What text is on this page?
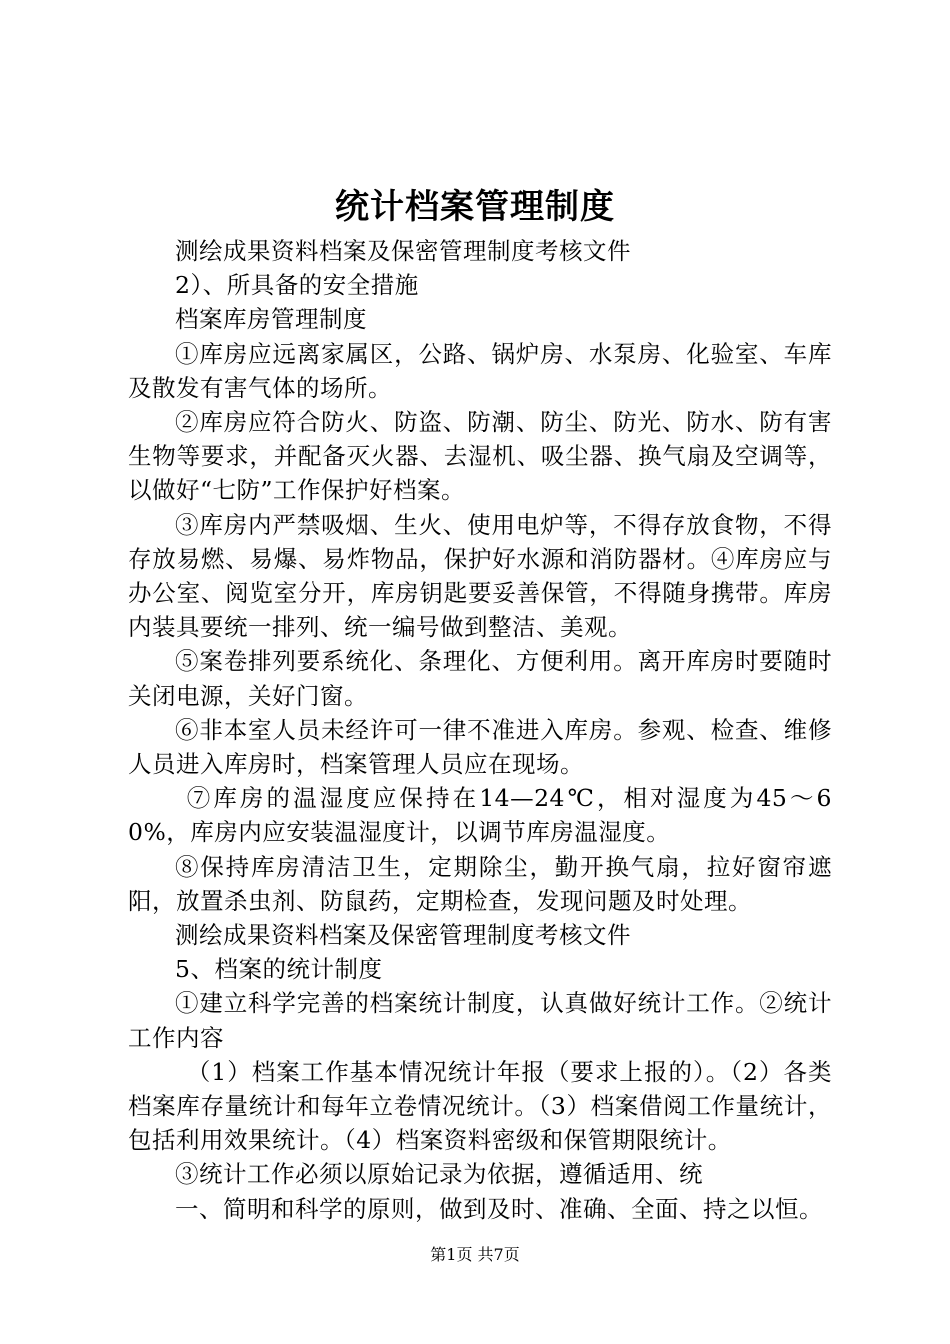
统计档案管理制度

测绘成果资料档案及保密管理制度考核文件

2）、所具备的安全措施

档案库房管理制度

①库房应远离家属区，公路、锅炉房、水泵房、化验室、车库及散发有害气体的场所。

②库房应符合防火、防盗、防潮、防尘、防光、防水、防有害生物等要求，并配备灭火器、去湿机、吸尘器、换气扇及空调等，以做好“七防”工作保护好档案。

③库房内严禁吸烟、生火、使用电炉等，不得存放食物，不得存放易燃、易爆、易炸物品，保护好水源和消防器材。④库房应与办公室、阅览室分开，库房钥匙要妥善保管，不得随身携带。库房内装具要统一排列、统一编号做到整洁、美观。

⑤案卷排列要系统化、条理化、方便利用。离开库房时要随时关闭电源，关好门窗。

⑥非本室人员未经许可一律不准进入库房。参观、检查、维修人员进入库房时，档案管理人员应在现场。

⑦库房的温湿度应保持在14—24℃，相对湿度为45～60%，库房内应安装温湿度计，以调节库房温湿度。

⑧保持库房清洁卫生，定期除尘，勤开换气扇，拉好窗帘遮阳，放置杀虫剂、防鼠药，定期检查，发现问题及时处理。

测绘成果资料档案及保密管理制度考核文件

5、档案的统计制度

①建立科学完善的档案统计制度，认真做好统计工作。②统计工作内容

（1）档案工作基本情况统计年报（要求上报的）。（2）各类档案库存量统计和每年立卷情况统计。（3）档案借阅工作量统计，包括利用效果统计。（4）档案资料密级和保管期限统计。

③统计工作必须以原始记录为依据，遵循适用、统

一、简明和科学的原则，做到及时、准确、全面、持之以恒。

第1页 共7页
